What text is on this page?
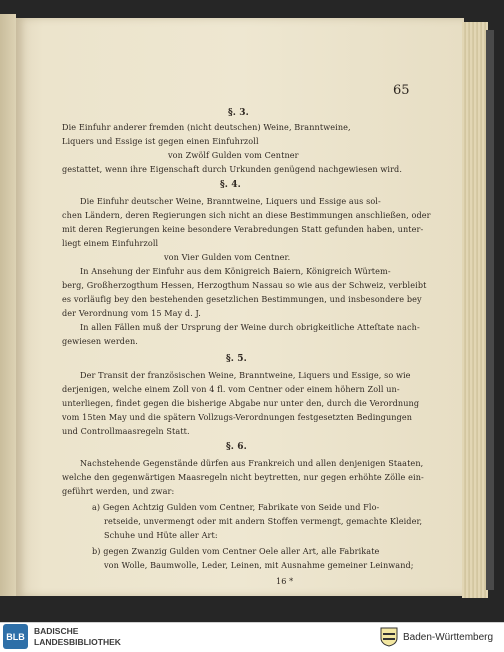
65
§. 3.
Die Einfuhr anderer fremden (nicht deutschen) Weine, Branntweine,
Liquers und Essige ist gegen einen Einfuhrzoll
von Zwölf Gulden vom Centner
gestattet, wenn ihre Eigenschaft durch Urkunden genügend nachgewiesen wird.
§. 4.
Die Einfuhr deutscher Weine, Branntweine, Liquers und Essige aus sol-
chen Ländern, deren Regierungen sich nicht an diese Bestimmungen anschließen, oder
mit deren Regierungen keine besondere Verabredungen Statt gefunden haben, unter-
liegt einem Einfuhrzoll
von Vier Gulden vom Centner.
In Ansehung der Einfuhr aus dem Königreich Baiern, Königreich Würtem-
berg, Großherzogthum Hessen, Herzogthum Nassau so wie aus der Schweiz, verbleibt
es vorläufig bey den bestehenden gesetzlichen Bestimmungen, und insbesondere bey
der Verordnung vom 15 May d. J.
In allen Fällen muß der Ursprung der Weine durch obrigkeitliche Atteſtate nach-
gewiesen werden.
§. 5.
Der Transit der französischen Weine, Branntweine, Liquers und Essige, so wie
derjenigen, welche einem Zoll von 4 fl. vom Centner oder einem höhern Zoll un-
unterliegen, findet gegen die bisherige Abgabe nur unter den, durch die Verordnung
vom 15ten May und die spätern Vollzugs-Verordnungen festgesetzten Bedingungen
und Controllmaasregeln Statt.
§. 6.
Nachstehende Gegenstände dürfen aus Frankreich und allen denjenigen Staaten,
welche den gegenwärtigen Maasregeln nicht beytretten, nur gegen erhöhte Zölle ein-
geführt werden, und zwar:
a) Gegen Achtzig Gulden vom Centner, Fabrikate von Seide und Flo-
retseide, unvermengt oder mit andern Stoffen vermengt, gemachte Kleider,
Schuhe und Hüte aller Art:
b) gegen Zwanzig Gulden vom Centner Oele aller Art, alle Fabrikate
von Wolle, Baumwolle, Leder, Leinen, mit Ausnahme gemeiner Leinwand;
16 *
BLB
BADISCHE
LANDESBIBLIOTHEK	Baden-Württemberg
